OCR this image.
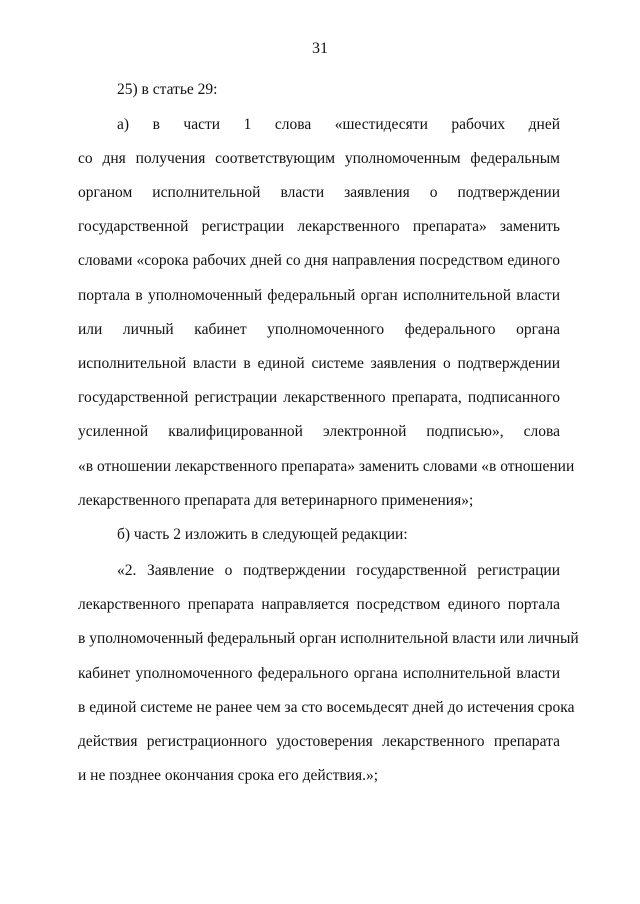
31
25) в статье 29:
а) в части 1 слова «шестидесяти рабочих дней
со дня получения соответствующим уполномоченным федеральным
органом исполнительной власти заявления о подтверждении
государственной регистрации лекарственного препарата» заменить
словами «сорока рабочих дней со дня направления посредством единого
портала в уполномоченный федеральный орган исполнительной власти
или личный кабинет уполномоченного федерального органа
исполнительной власти в единой системе заявления о подтверждении
государственной регистрации лекарственного препарата, подписанного
усиленной квалифицированной электронной подписью», слова
«в отношении лекарственного препарата» заменить словами «в отношении
лекарственного препарата для ветеринарного применения»;
б) часть 2 изложить в следующей редакции:
«2. Заявление о подтверждении государственной регистрации
лекарственного препарата направляется посредством единого портала
в уполномоченный федеральный орган исполнительной власти или личный
кабинет уполномоченного федерального органа исполнительной власти
в единой системе не ранее чем за сто восемьдесят дней до истечения срока
действия регистрационного удостоверения лекарственного препарата
и не позднее окончания срока его действия.»;
